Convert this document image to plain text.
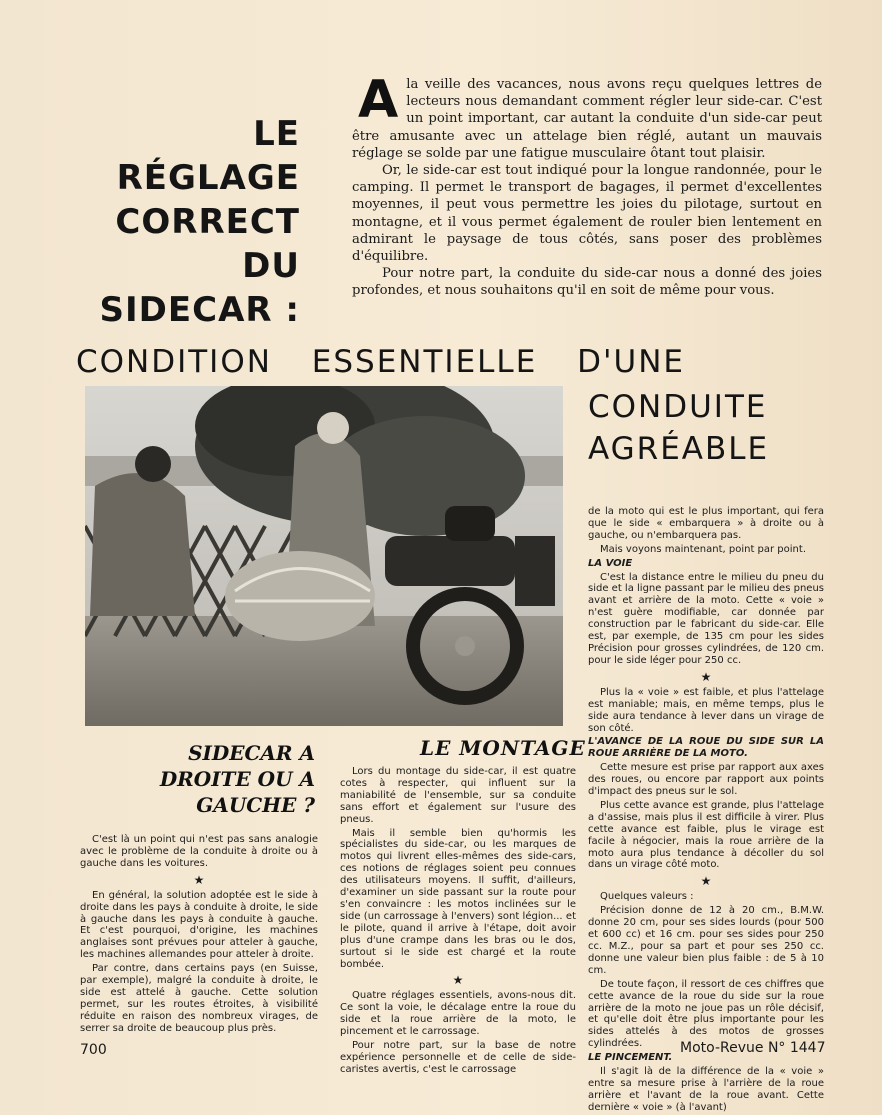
LE
RÉGLAGE
CORRECT
DU
SIDECAR :
A la veille des vacances, nous avons reçu quelques lettres de lecteurs nous demandant comment régler leur side-car. C'est un point important, car autant la conduite d'un side-car peut être amusante avec un attelage bien réglé, autant un mauvais réglage se solde par une fatigue musculaire ôtant tout plaisir.

Or, le side-car est tout indiqué pour la longue randonnée, pour le camping. Il permet le transport de bagages, il permet d'excellentes moyennes, il peut vous permettre les joies du pilotage, surtout en montagne, et il vous permet également de rouler bien lentement en admirant le paysage de tous côtés, sans poser des problèmes d'équilibre.

Pour notre part, la conduite du side-car nous a donné des joies profondes, et nous souhaitons qu'il en soit de même pour vous.

CONDITION ESSENTIELLE D'UNE
CONDUITE
AGRÉABLE
SIDECAR A DROITE OU A GAUCHE ?
LE MONTAGE

C'est là un point qui n'est pas sans analogie avec le problème de la conduite à droite ou à gauche dans les voitures.

★

En général, la solution adoptée est le side à droite dans les pays à conduite à droite, le side à gauche dans les pays à conduite à gauche. Et c'est pourquoi, d'origine, les machines anglaises sont prévues pour atteler à gauche, les machines allemandes pour atteler à droite.

Par contre, dans certains pays (en Suisse, par exemple), malgré la conduite à droite, le side est attelé à gauche. Cette solution permet, sur les routes étroites, à visibilité réduite en raison des nombreux virages, de serrer sa droite de beaucoup plus près.

Lors du montage du side-car, il est quatre cotes à respecter, qui influent sur la maniabilité de l'ensemble, sur sa conduite sans effort et également sur l'usure des pneus.

Mais il semble bien qu'hormis les spécialistes du side-car, ou les marques de motos qui livrent elles-mêmes des side-cars, ces notions de réglages soient peu connues des utilisateurs moyens. Il suffit, d'ailleurs, d'examiner un side passant sur la route pour s'en convaincre : les motos inclinées sur le side (un carrossage à l'envers) sont légion... et le pilote, quand il arrive à l'étape, doit avoir plus d'une crampe dans les bras ou le dos, surtout si le side est chargé et la route bombée.

★

Quatre réglages essentiels, avons-nous dit. Ce sont la voie, le décalage entre la roue du side et la roue arrière de la moto, le pincement et le carrossage.

Pour notre part, sur la base de notre expérience personnelle et de celle de side-caristes avertis, c'est le carrossage

de la moto qui est le plus important, qui fera que le side « embarquera » à droite ou à gauche, ou n'embarquera pas.

Mais voyons maintenant, point par point.

LA VOIE

C'est la distance entre le milieu du pneu du side et la ligne passant par le milieu des pneus avant et arrière de la moto. Cette « voie » n'est guère modifiable, car donnée par construction par le fabricant du side-car. Elle est, par exemple, de 135 cm pour les sides Précision pour grosses cylindrées, de 120 cm. pour le side léger pour 250 cc.

★

Plus la « voie » est faible, et plus l'attelage est maniable; mais, en même temps, plus le side aura tendance à lever dans un virage de son côté.

L'AVANCE DE LA ROUE DU SIDE SUR LA ROUE ARRIÈRE DE LA MOTO.

Cette mesure est prise par rapport aux axes des roues, ou encore par rapport aux points d'impact des pneus sur le sol.

Plus cette avance est grande, plus l'attelage a d'assise, mais plus il est difficile à virer. Plus cette avance est faible, plus le virage est facile à négocier, mais la roue arrière de la moto aura plus tendance à décoller du sol dans un virage côté moto.

★

Quelques valeurs :

Précision donne de 12 à 20 cm., B.M.W. donne 20 cm, pour ses sides lourds (pour 500 et 600 cc) et 16 cm. pour ses sides pour 250 cc. M.Z., pour sa part et pour ses 250 cc. donne une valeur bien plus faible : de 5 à 10 cm.

De toute façon, il ressort de ces chiffres que cette avance de la roue du side sur la roue arrière de la moto ne joue pas un rôle décisif, et qu'elle doit être plus importante pour les sides attelés à des motos de grosses cylindrées.

LE PINCEMENT.

Il s'agit là de la différence de la « voie » entre sa mesure prise à l'arrière de la roue arrière et l'avant de la roue avant. Cette dernière « voie » (à l'avant)

700	Moto-Revue N° 1447
